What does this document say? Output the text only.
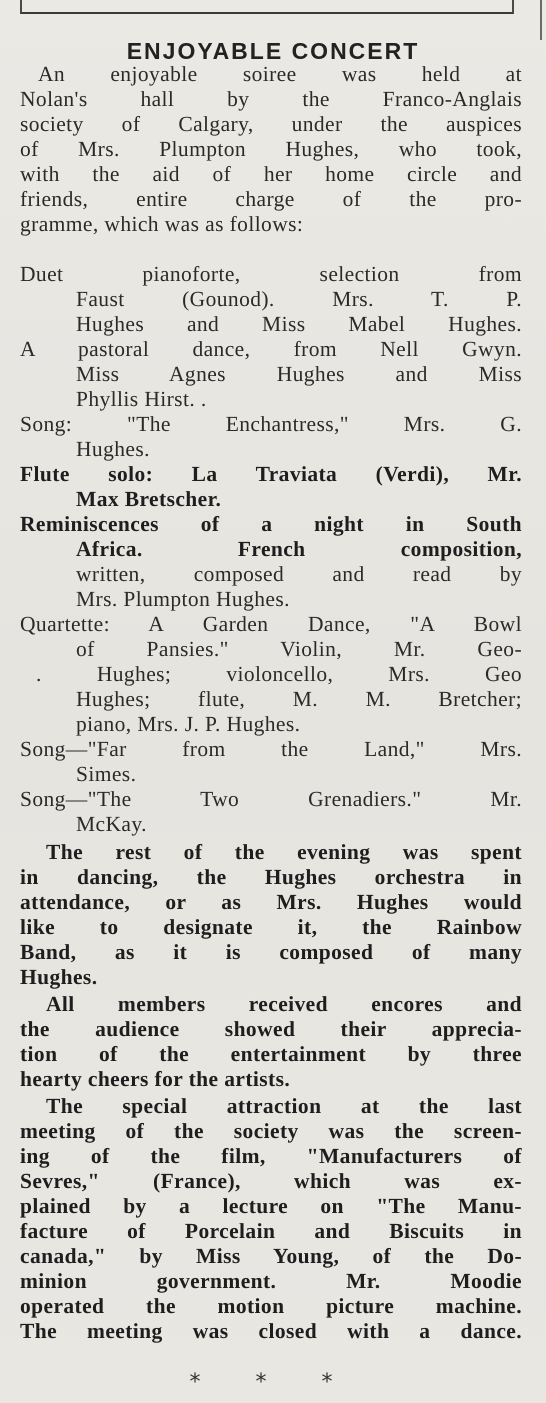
ENJOYABLE CONCERT
An enjoyable soiree was held at
Nolan's hall by the Franco-Anglais
society of Calgary, under the auspices
of Mrs. Plumpton Hughes, who took,
with the aid of her home circle and
friends, entire charge of the pro-
gramme, which was as follows:
Duet pianoforte, selection from
Faust (Gounod). Mrs. T. P.
Hughes and Miss Mabel Hughes.
A pastoral dance, from Nell Gwyn.
Miss Agnes Hughes and Miss
Phyllis Hirst. .
Song: "The Enchantress," Mrs. G.
Hughes.
Flute solo: La Traviata (Verdi), Mr.
Max Bretscher.
Reminiscences of a night in South
Africa. French composition,
written, composed and read by
Mrs. Plumpton Hughes.
Quartette: A Garden Dance, "A Bowl
of Pansies." Violin, Mr. Geo-
. Hughes; violoncello, Mrs. Geo
Hughes; flute, M. M. Bretcher;
piano, Mrs. J. P. Hughes.
Song—"Far from the Land," Mrs.
Simes.
Song—"The Two Grenadiers." Mr.
McKay.
The rest of the evening was spent
in dancing, the Hughes orchestra in
attendance, or as Mrs. Hughes would
like to designate it, the Rainbow
Band, as it is composed of many
Hughes.
All members received encores and
the audience showed their apprecia-
tion of the entertainment by three
hearty cheers for the artists.
The special attraction at the last
meeting of the society was the screen-
ing of the film, "Manufacturers of
Sevres," (France), which was ex-
plained by a lecture on "The Manu-
facture of Porcelain and Biscuits in
canada," by Miss Young, of the Do-
minion government. Mr. Moodie
operated the motion picture machine.
The meeting was closed with a dance.
* * *
